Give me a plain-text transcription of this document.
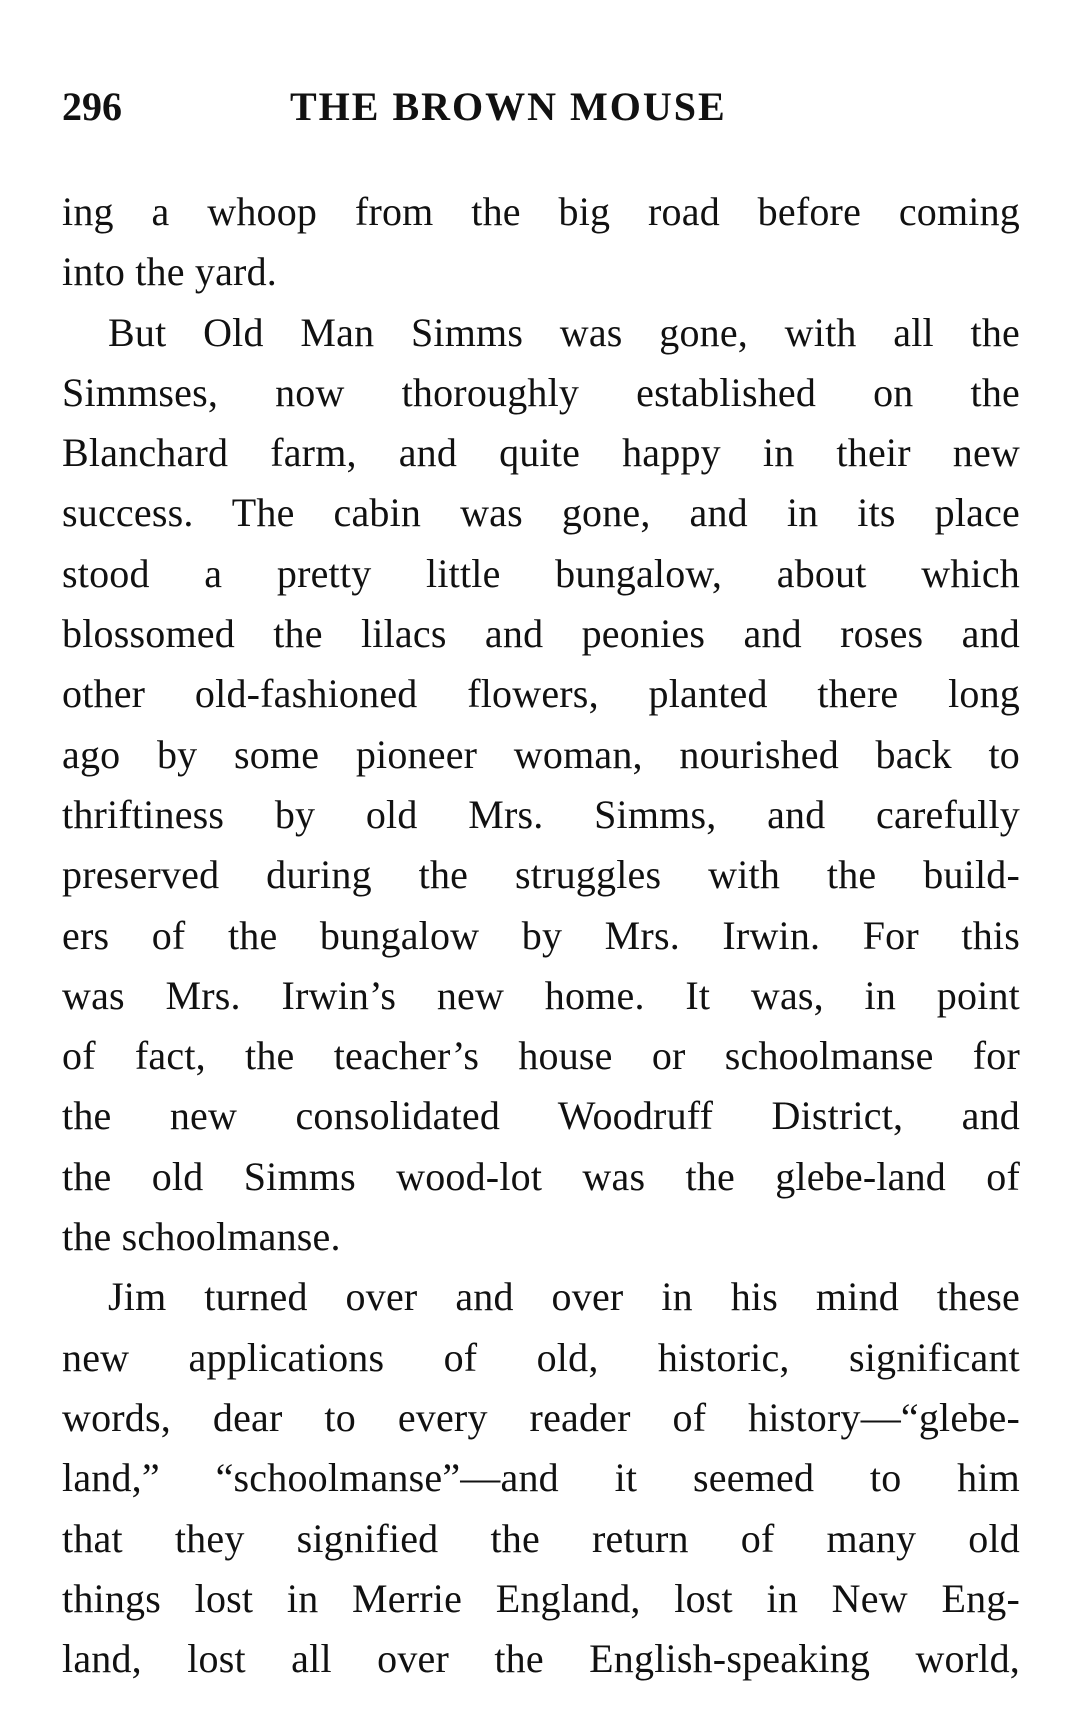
296	THE BROWN MOUSE
ing a whoop from the big road before coming
into the yard.
But Old Man Simms was gone, with all the
Simmses, now thoroughly established on the
Blanchard farm, and quite happy in their new
success. The cabin was gone, and in its place
stood a pretty little bungalow, about which
blossomed the lilacs and peonies and roses and
other old-fashioned flowers, planted there long
ago by some pioneer woman, nourished back to
thriftiness by old Mrs. Simms, and carefully
preserved during the struggles with the build-
ers of the bungalow by Mrs. Irwin. For this
was Mrs. Irwin’s new home. It was, in point
of fact, the teacher’s house or schoolmanse for
the new consolidated Woodruff District, and
the old Simms wood-lot was the glebe-land of
the schoolmanse.
Jim turned over and over in his mind these
new applications of old, historic, significant
words, dear to every reader of history—“glebe-
land,” “schoolmanse”—and it seemed to him
that they signified the return of many old
things lost in Merrie England, lost in New Eng-
land, lost all over the English-speaking world,
